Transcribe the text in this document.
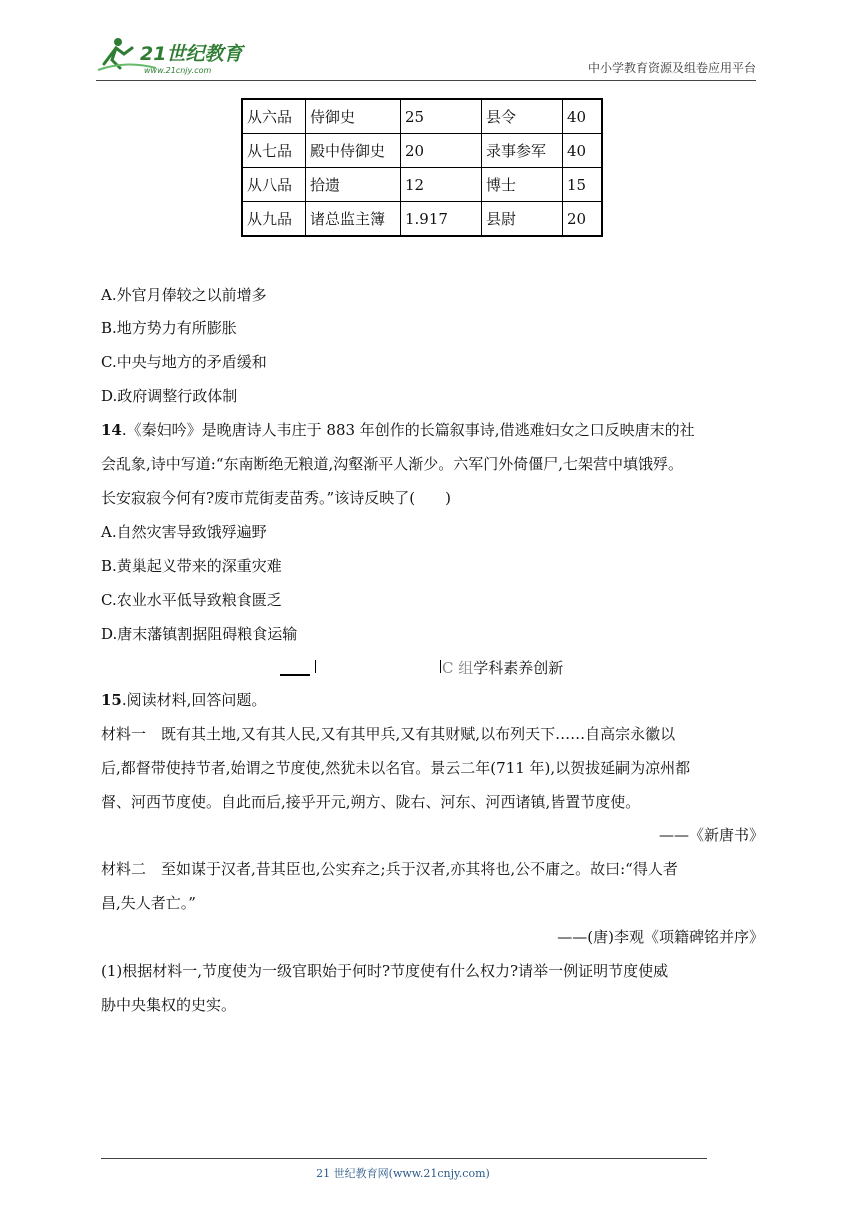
21世纪教育
www.21cnjy.com	中小学教育资源及组卷应用平台
从六品	侍御史	25	县令	40
从七品	殿中侍御史	20	录事参军	40
从八品	拾遗	12	博士	15
从九品	诸总监主簿	1.917	县尉	20
A.外官月俸较之以前增多
B.地方势力有所膨胀
C.中央与地方的矛盾缓和
D.政府调整行政体制
14.《秦妇吟》是晚唐诗人韦庄于 883 年创作的长篇叙事诗,借逃难妇女之口反映唐末的社
会乱象,诗中写道:“东南断绝无粮道,沟壑渐平人渐少。六军门外倚僵尸,七架营中填饿殍。
长安寂寂今何有?废市荒街麦苗秀。”该诗反映了(　　)
A.自然灾害导致饿殍遍野
B.黄巢起义带来的深重灾难
C.农业水平低导致粮食匮乏
D.唐末藩镇割据阻碍粮食运输
C 组学科素养创新
15.阅读材料,回答问题。
材料一　既有其土地,又有其人民,又有其甲兵,又有其财赋,以布列天下……自高宗永徽以
后,都督带使持节者,始谓之节度使,然犹未以名官。景云二年(711 年),以贺拔延嗣为凉州都
督、河西节度使。自此而后,接乎开元,朔方、陇右、河东、河西诸镇,皆置节度使。
——《新唐书》
材料二　至如谋于汉者,昔其臣也,公实弃之;兵于汉者,亦其将也,公不庸之。故曰:“得人者
昌,失人者亡。”
——(唐)李观《项籍碑铭并序》
(1)根据材料一,节度使为一级官职始于何时?节度使有什么权力?请举一例证明节度使威
胁中央集权的史实。
21 世纪教育网(www.21cnjy.com)
